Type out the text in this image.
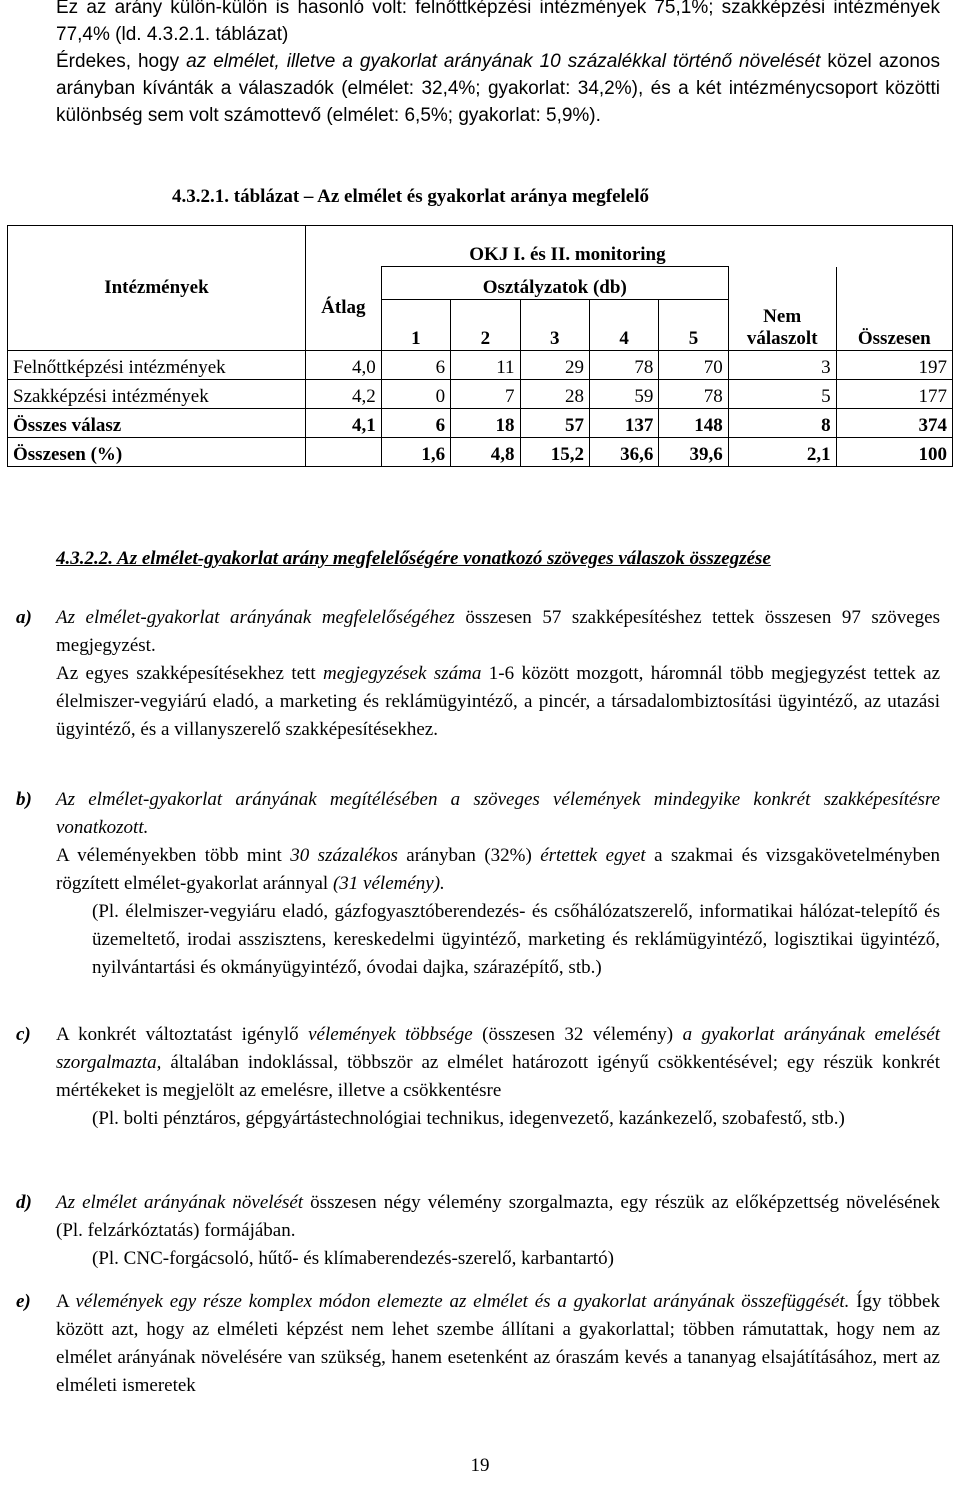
Ez az arány külön-külön is hasonló volt: felnőttképzési intézmények 75,1%; szakképzési intézmények 77,4% (ld. 4.3.2.1. táblázat)

Érdekes, hogy az elmélet, illetve a gyakorlat arányának 10 százalékkal történő növelését közel azonos arányban kívánták a válaszadók (elmélet: 32,4%; gyakorlat: 34,2%), és a két intézménycsoport közötti különbség sem volt számottevő (elmélet: 6,5%; gyakorlat: 5,9%).

4.3.2.1. táblázat – Az elmélet és gyakorlat aránya megfelelő
Intézmények	OKJ I. és II. monitoring							
	Átlag	Osztályzatok (db)					Nem válaszolt	Összesen
		1	2	3	4	5		
Felnőttképzési intézmények	4,0	6	11	29	78	70	3	197
Szakképzési intézmények	4,2	0	7	28	59	78	5	177
Összes válasz	4,1	6	18	57	137	148	8	374
Összesen (%)		1,6	4,8	15,2	36,6	39,6	2,1	100
4.3.2.2. Az elmélet-gyakorlat arány megfelelőségére vonatkozó szöveges válaszok összegzése
a) Az elmélet-gyakorlat arányának megfelelőségéhez összesen 57 szakképesítéshez tettek összesen 97 szöveges megjegyzést.

Az egyes szakképesítésekhez tett megjegyzések száma 1-6 között mozgott, háromnál több megjegyzést tettek az élelmiszer-vegyiárú eladó, a marketing és reklámügyintéző, a pincér, a társadalombiztosítási ügyintéző, az utazási ügyintéző, és a villanyszerelő szakképesítésekhez.

b) Az elmélet-gyakorlat arányának megítélésében a szöveges vélemények mindegyike konkrét szakképesítésre vonatkozott.

A véleményekben több mint 30 százalékos arányban (32%) értettek egyet a szakmai és vizsgakövetelményben rögzített elmélet-gyakorlat aránnyal (31 vélemény).

(Pl. élelmiszer-vegyiáru eladó, gázfogyasztóberendezés- és csőhálózatszerelő, informatikai hálózat-telepítő és üzemeltető, irodai asszisztens, kereskedelmi ügyintéző, marketing és reklámügyintéző, logisztikai ügyintéző, nyilvántartási és okmányügyintéző, óvodai dajka, szárazépítő, stb.)

c) A konkrét változtatást igénylő vélemények többsége (összesen 32 vélemény) a gyakorlat arányának emelését szorgalmazta, általában indoklással, többször az elmélet határozott igényű csökkentésével; egy részük konkrét mértékeket is megjelölt az emelésre, illetve a csökkentésre

(Pl. bolti pénztáros, gépgyártástechnológiai technikus, idegenvezető, kazánkezelő, szobafestő, stb.)

d) Az elmélet arányának növelését összesen négy vélemény szorgalmazta, egy részük az előképzettség növelésének (Pl. felzárkóztatás) formájában.

(Pl. CNC-forgácsoló, hűtő- és klímaberendezés-szerelő, karbantartó)

e) A vélemények egy része komplex módon elemezte az elmélet és a gyakorlat arányának összefüggését. Így többek között azt, hogy az elméleti képzést nem lehet szembe állítani a gyakorlattal; többen rámutattak, hogy nem az elmélet arányának növelésére van szükség, hanem esetenként az óraszám kevés a tananyag elsajátításához, mert az elméleti ismeretek

19
